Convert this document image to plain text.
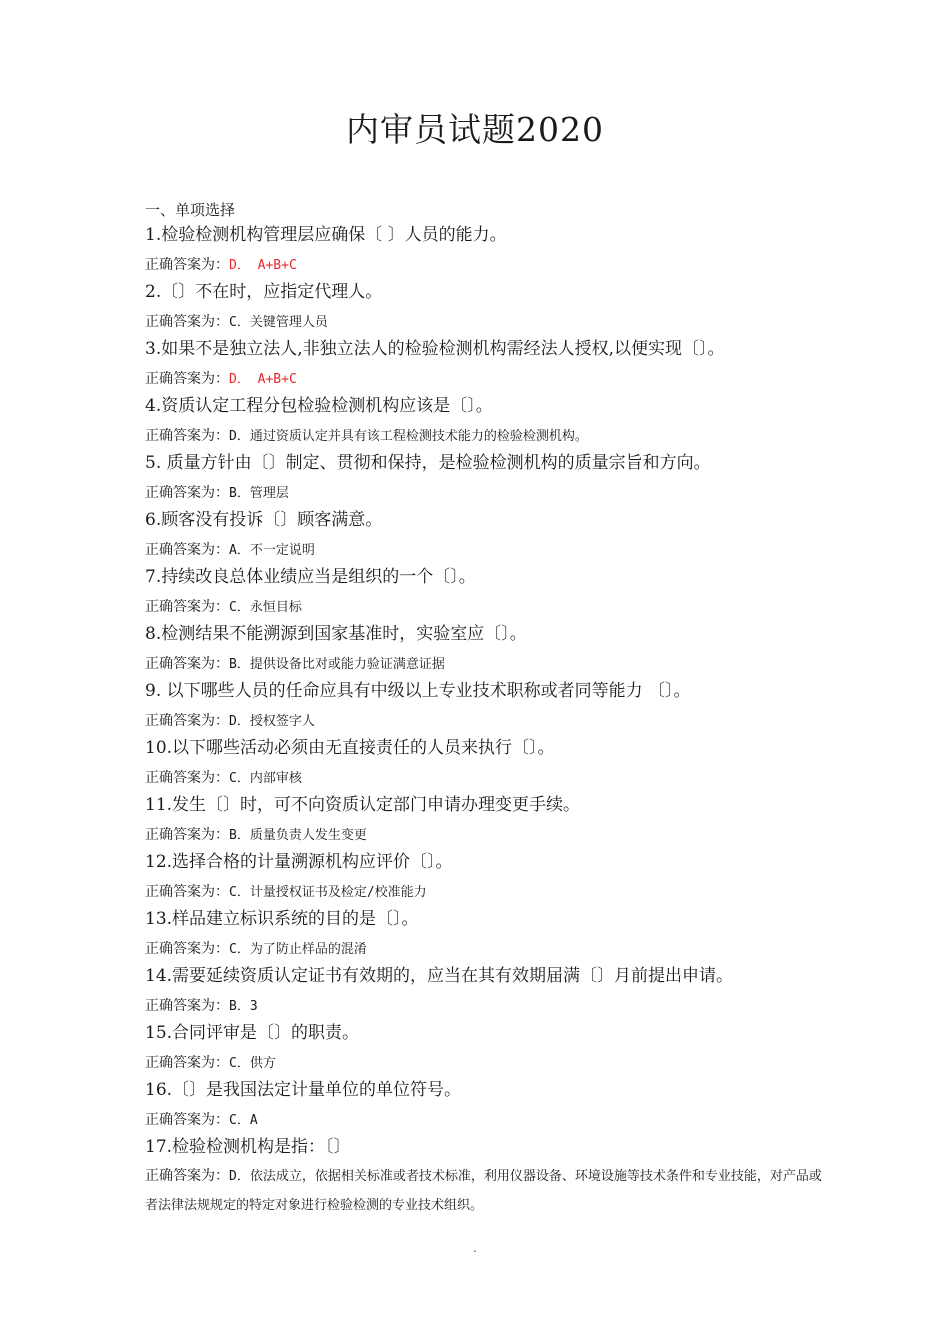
内审员试题2020
一、单项选择
1.检验检测机构管理层应确保〔 〕人员的能力。
正确答案为：D． A+B+C
2.〔〕不在时，应指定代理人。
正确答案为：C．关键管理人员
3.如果不是独立法人,非独立法人的检验检测机构需经法人授权,以便实现〔〕。
正确答案为：D． A+B+C
4.资质认定工程分包检验检测机构应该是〔〕。
正确答案为：D．通过资质认定并具有该工程检测技术能力的检验检测机构。
5. 质量方针由〔〕制定、贯彻和保持，是检验检测机构的质量宗旨和方向。
正确答案为：B．管理层
6.顾客没有投诉〔〕顾客满意。
正确答案为：A．不一定说明
7.持续改良总体业绩应当是组织的一个〔〕。
正确答案为：C．永恒目标
8.检测结果不能溯源到国家基准时，实验室应〔〕。
正确答案为：B．提供设备比对或能力验证满意证据
9. 以下哪些人员的任命应具有中级以上专业技术职称或者同等能力 〔〕。
正确答案为：D．授权签字人
10.以下哪些活动必须由无直接责任的人员来执行〔〕。
正确答案为：C．内部审核
11.发生〔〕时，可不向资质认定部门申请办理变更手续。
正确答案为：B．质量负责人发生变更
12.选择合格的计量溯源机构应评价〔〕。
正确答案为：C．计量授权证书及检定/校准能力
13.样品建立标识系统的目的是〔〕。
正确答案为：C．为了防止样品的混淆
14.需要延续资质认定证书有效期的，应当在其有效期届满〔〕月前提出申请。
正确答案为：B．3
15.合同评审是〔〕的职责。
正确答案为：C．供方
16.〔〕是我国法定计量单位的单位符号。
正确答案为：C．A
17.检验检测机构是指：〔〕
正确答案为：D．依法成立，依据相关标准或者技术标准，利用仪器设备、环境设施等技术条件和专业技能，对产品或者法律法规规定的特定对象进行检验检测的专业技术组织。
.
